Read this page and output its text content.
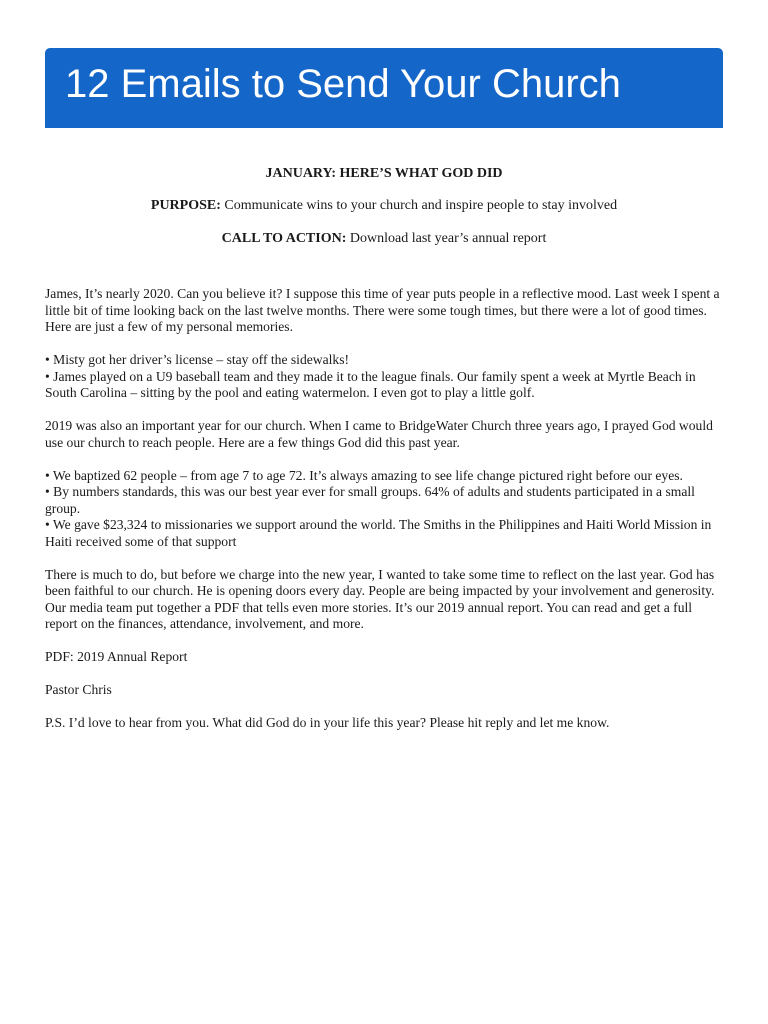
12 Emails to Send Your Church
JANUARY: HERE’S WHAT GOD DID
PURPOSE: Communicate wins to your church and inspire people to stay involved
CALL TO ACTION: Download last year’s annual report

James, It’s nearly 2020. Can you believe it? I suppose this time of year puts people in a reflective mood. Last week I spent a little bit of time looking back on the last twelve months. There were some tough times, but there were a lot of good times. Here are just a few of my personal memories.

• Misty got her driver’s license – stay off the sidewalks!

• James played on a U9 baseball team and they made it to the league finals. Our family spent a week at Myrtle Beach in South Carolina – sitting by the pool and eating watermelon. I even got to play a little golf.

2019 was also an important year for our church. When I came to BridgeWater Church three years ago, I prayed God would use our church to reach people. Here are a few things God did this past year.

• We baptized 62 people – from age 7 to age 72. It’s always amazing to see life change pictured right before our eyes.

• By numbers standards, this was our best year ever for small groups. 64% of adults and students participated in a small group.

• We gave $23,324 to missionaries we support around the world. The Smiths in the Philippines and Haiti World Mission in Haiti received some of that support

There is much to do, but before we charge into the new year, I wanted to take some time to reflect on the last year. God has been faithful to our church. He is opening doors every day. People are being impacted by your involvement and generosity. Our media team put together a PDF that tells even more stories. It’s our 2019 annual report. You can read and get a full report on the finances, attendance, involvement, and more.

PDF: 2019 Annual Report

Pastor Chris

P.S. I’d love to hear from you. What did God do in your life this year? Please hit reply and let me know.
